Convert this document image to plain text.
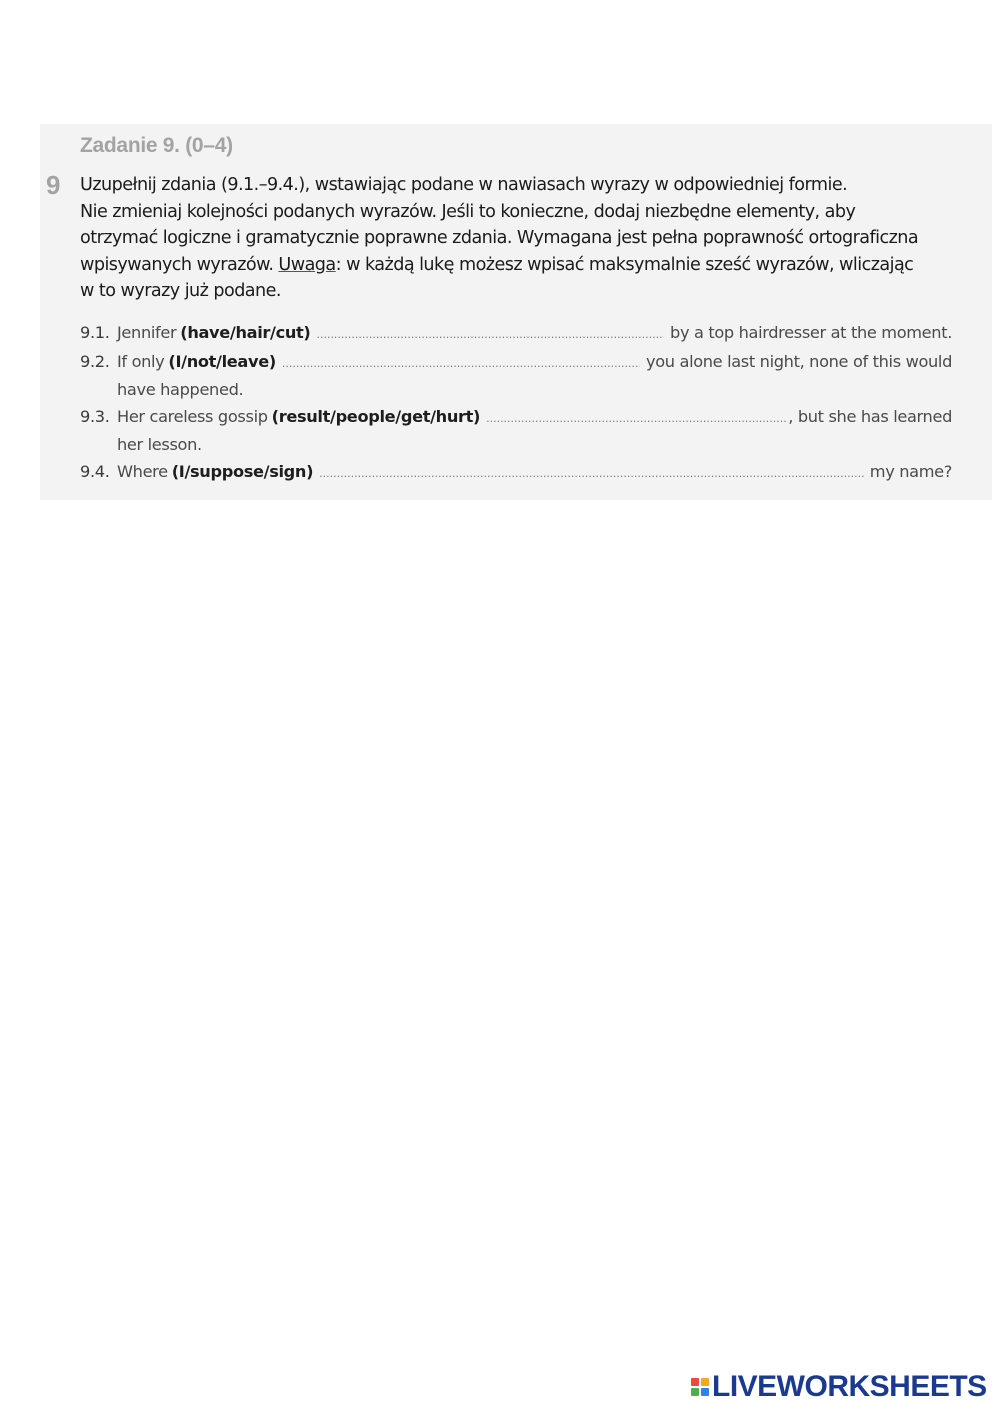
Zadanie 9. (0–4)
9 Uzupełnij zdania (9.1.–9.4.), wstawiając podane w nawiasach wyrazy w odpowiedniej formie.
Nie zmieniaj kolejności podanych wyrazów. Jeśli to konieczne, dodaj niezbędne elementy, aby
otrzymać logiczne i gramatycznie poprawne zdania. Wymagana jest pełna poprawność ortograficzna
wpisywanych wyrazów. Uwaga: w każdą lukę możesz wpisać maksymalnie sześć wyrazów, wliczając
w to wyrazy już podane.
9.1. Jennifer (have/hair/cut) .....	by a top hairdresser at the moment.
9.2. If only (I/not/leave) .....	you alone last night, none of this would
have happened.
9.3. Her careless gossip (result/people/get/hurt) .....	, but she has learned
her lesson.
9.4. Where (I/suppose/sign) .....	my name?
LIVEWORKSHEETS
